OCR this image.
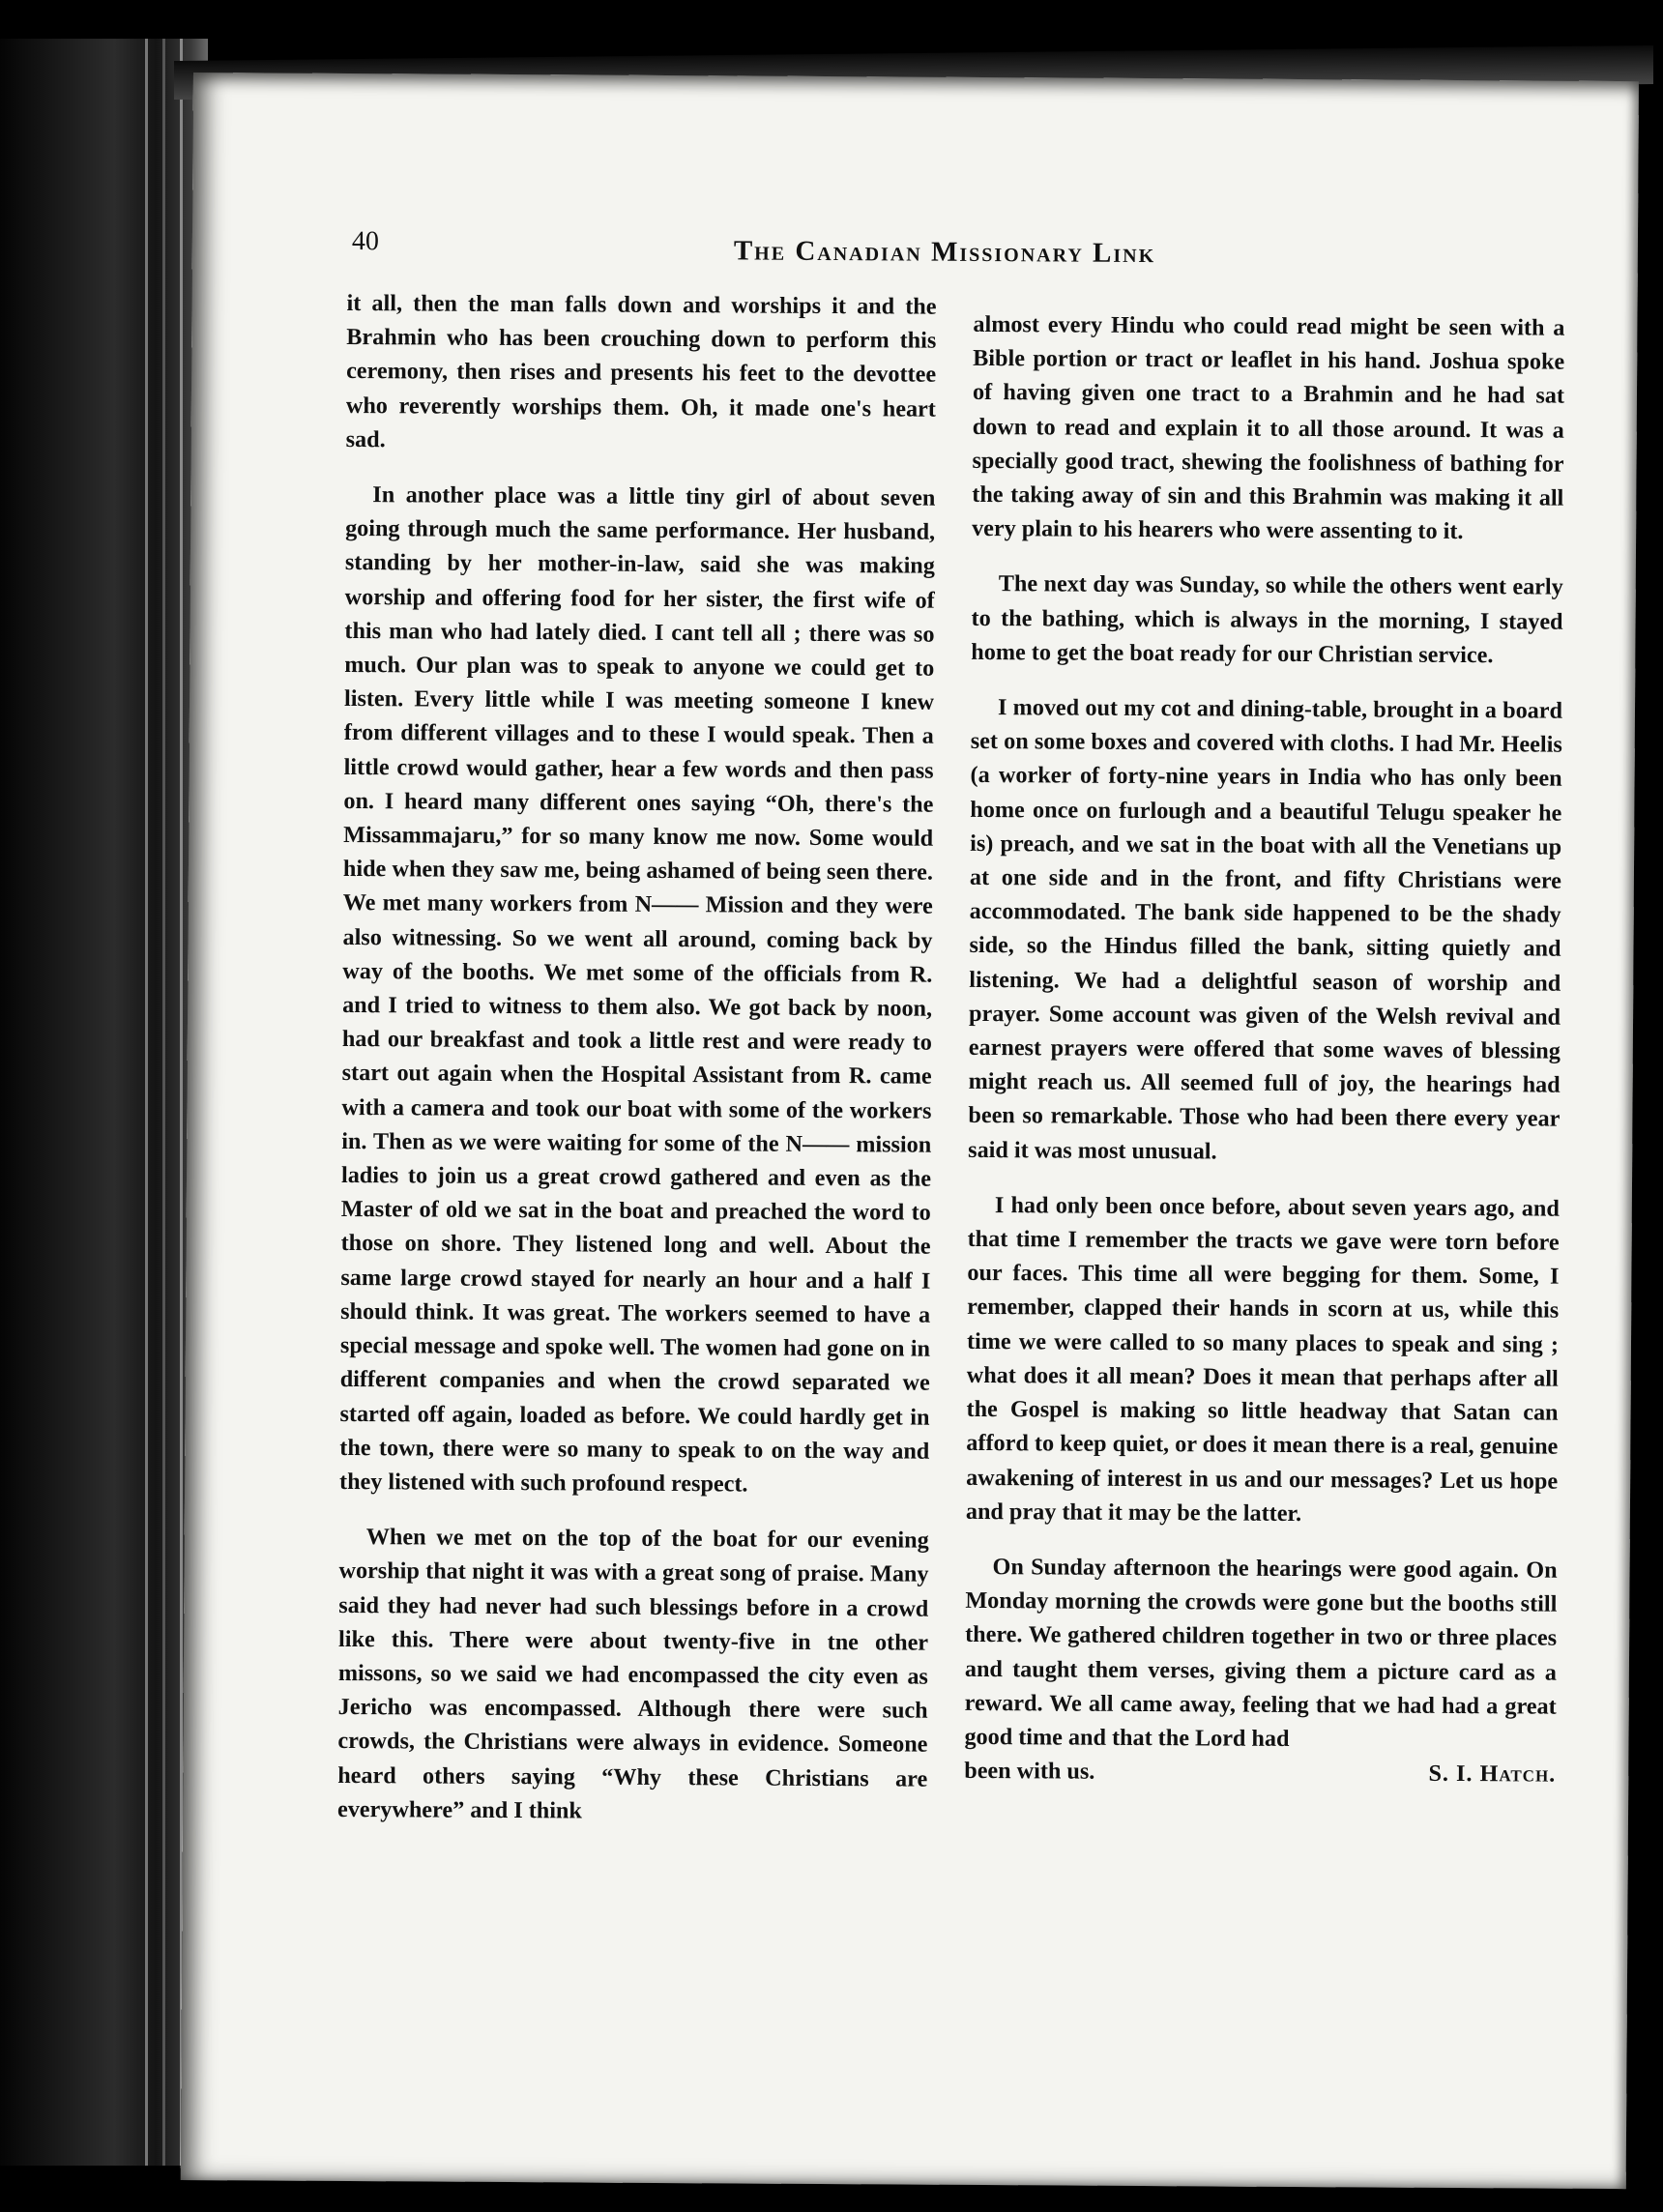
40	The Canadian Missionary Link

it all, then the man falls down and worships it and the Brahmin who has been crouching down to perform this ceremony, then rises and presents his feet to the devottee who reverently worships them. Oh, it made one's heart sad.

In another place was a little tiny girl of about seven going through much the same performance. Her husband, standing by her mother-in-law, said she was making worship and offering food for her sister, the first wife of this man who had lately died. I cant tell all ; there was so much. Our plan was to speak to anyone we could get to listen. Every little while I was meeting someone I knew from different villages and to these I would speak. Then a little crowd would gather, hear a few words and then pass on. I heard many different ones saying “Oh, there's the Missammajaru,” for so many know me now. Some would hide when they saw me, being ashamed of being seen there. We met many workers from N—— Mission and they were also witnessing. So we went all around, coming back by way of the booths. We met some of the officials from R. and I tried to witness to them also. We got back by noon, had our breakfast and took a little rest and were ready to start out again when the Hospital Assistant from R. came with a camera and took our boat with some of the workers in. Then as we were waiting for some of the N—— mission ladies to join us a great crowd gathered and even as the Master of old we sat in the boat and preached the word to those on shore. They listened long and well. About the same large crowd stayed for nearly an hour and a half I should think. It was great. The workers seemed to have a special message and spoke well. The women had gone on in different companies and when the crowd separated we started off again, loaded as before. We could hardly get in the town, there were so many to speak to on the way and they listened with such profound respect.

When we met on the top of the boat for our evening worship that night it was with a great song of praise. Many said they had never had such blessings before in a crowd like this. There were about twenty-five in tne other missons, so we said we had encompassed the city even as Jericho was encompassed. Although there were such crowds, the Christians were always in evidence. Someone heard others saying “Why these Christians are everywhere” and I think

almost every Hindu who could read might be seen with a Bible portion or tract or leaflet in his hand. Joshua spoke of having given one tract to a Brahmin and he had sat down to read and explain it to all those around. It was a specially good tract, shewing the foolishness of bathing for the taking away of sin and this Brahmin was making it all very plain to his hearers who were assenting to it.

The next day was Sunday, so while the others went early to the bathing, which is always in the morning, I stayed home to get the boat ready for our Christian service.

I moved out my cot and dining-table, brought in a board set on some boxes and covered with cloths. I had Mr. Heelis (a worker of forty-nine years in India who has only been home once on furlough and a beautiful Telugu speaker he is) preach, and we sat in the boat with all the Venetians up at one side and in the front, and fifty Christians were accommodated. The bank side happened to be the shady side, so the Hindus filled the bank, sitting quietly and listening. We had a delightful season of worship and prayer. Some account was given of the Welsh revival and earnest prayers were offered that some waves of blessing might reach us. All seemed full of joy, the hearings had been so remarkable. Those who had been there every year said it was most unusual.

I had only been once before, about seven years ago, and that time I remember the tracts we gave were torn before our faces. This time all were begging for them. Some, I remember, clapped their hands in scorn at us, while this time we were called to so many places to speak and sing ; what does it all mean? Does it mean that perhaps after all the Gospel is making so little headway that Satan can afford to keep quiet, or does it mean there is a real, genuine awakening of interest in us and our messages? Let us hope and pray that it may be the latter.

On Sunday afternoon the hearings were good again. On Monday morning the crowds were gone but the booths still there. We gathered children together in two or three places and taught them verses, giving them a picture card as a reward. We all came away, feeling that we had had a great good time and that the Lord had

been with us.	S. I. Hatch.
